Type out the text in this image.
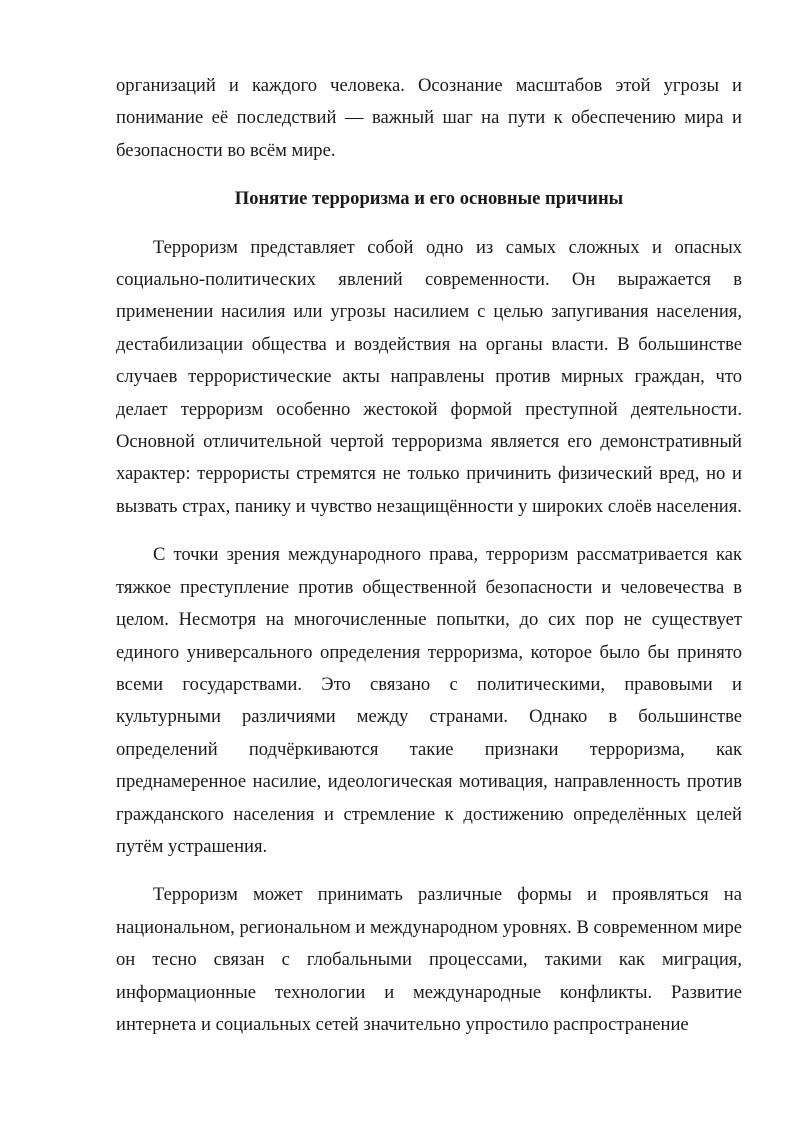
организаций и каждого человека. Осознание масштабов этой угрозы и понимание её последствий — важный шаг на пути к обеспечению мира и безопасности во всём мире.

Понятие терроризма и его основные причины

Терроризм представляет собой одно из самых сложных и опасных социально-политических явлений современности. Он выражается в применении насилия или угрозы насилием с целью запугивания населения, дестабилизации общества и воздействия на органы власти. В большинстве случаев террористические акты направлены против мирных граждан, что делает терроризм особенно жестокой формой преступной деятельности. Основной отличительной чертой терроризма является его демонстративный характер: террористы стремятся не только причинить физический вред, но и вызвать страх, панику и чувство незащищённости у широких слоёв населения.

С точки зрения международного права, терроризм рассматривается как тяжкое преступление против общественной безопасности и человечества в целом. Несмотря на многочисленные попытки, до сих пор не существует единого универсального определения терроризма, которое было бы принято всеми государствами. Это связано с политическими, правовыми и культурными различиями между странами. Однако в большинстве определений подчёркиваются такие признаки терроризма, как преднамеренное насилие, идеологическая мотивация, направленность против гражданского населения и стремление к достижению определённых целей путём устрашения.

Терроризм может принимать различные формы и проявляться на национальном, региональном и международном уровнях. В современном мире он тесно связан с глобальными процессами, такими как миграция, информационные технологии и международные конфликты. Развитие интернета и социальных сетей значительно упростило распространение
